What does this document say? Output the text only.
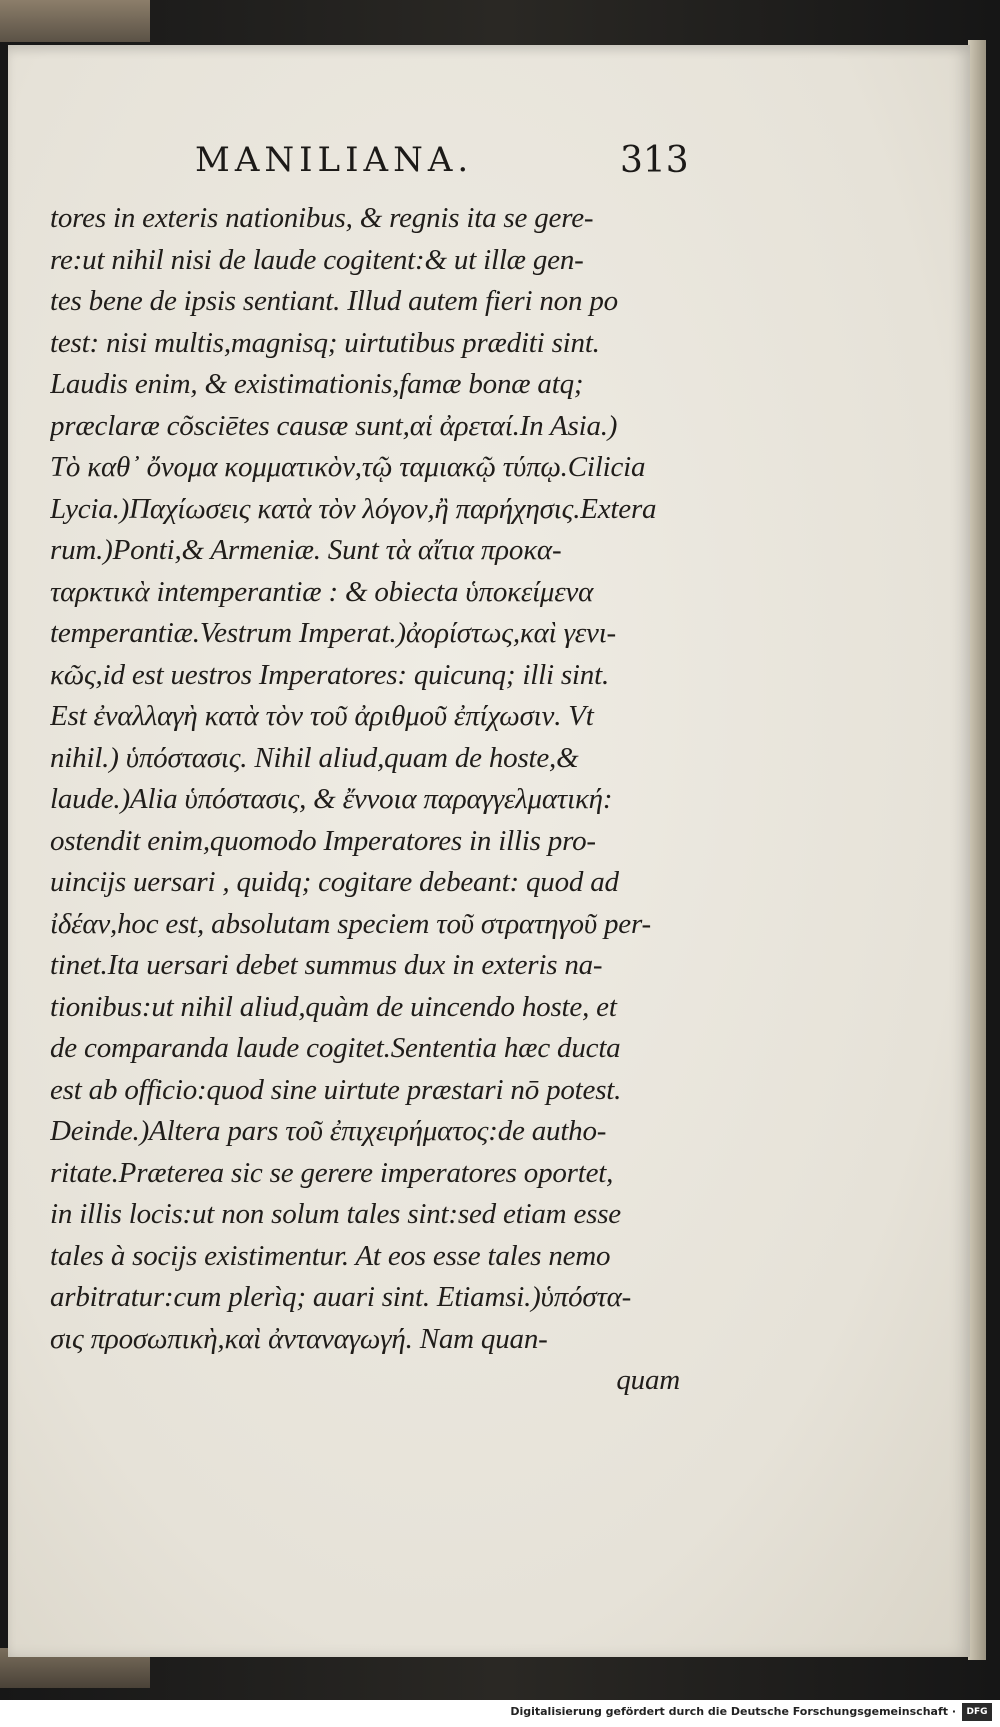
MANILIANA.	313
tores in exteris nationibus, & regnis ita se gere-
re:ut nihil nisi de laude cogitent:& ut illæ gen-
tes bene de ipsis sentiant. Illud autem fieri non po
test: nisi multis,magnisq; uirtutibus præditi sint.
Laudis enim, & existimationis,famæ bonæ atq;
præclaræ cõsciētes causæ sunt,αἱ ἀρεταί.In Asia.)
Τὸ καθ᾽ ὄνομα κομματικὸν,τῷ ταμιακῷ τύπῳ.Cilicia
Lycia.)Παχίωσεις κατὰ τὸν λόγον,ἢ παρήχησις.Extera
rum.)Ponti,& Armeniæ. Sunt τὰ αἴτια προκα-
ταρκτικὰ intemperantiæ : & obiecta ὑποκείμενα
temperantiæ.Vestrum Imperat.)ἀορίστως,καὶ γενι-
κῶς,id est uestros Imperatores: quicunq; illi sint.
Est ἐναλλαγὴ κατὰ τὸν τοῦ ἀριθμοῦ ἐπίχωσιν. Vt
nihil.) ὑπόστασις. Nihil aliud,quam de hoste,&
laude.)Alia ὑπόστασις, & ἔννοια παραγγελματική:
ostendit enim,quomodo Imperatores in illis pro-
uincijs uersari , quidq; cogitare debeant: quod ad
ἰδέαν,hoc est, absolutam speciem τοῦ στρατηγοῦ per-
tinet.Ita uersari debet summus dux in exteris na-
tionibus:ut nihil aliud,quàm de uincendo hoste, et
de comparanda laude cogitet.Sententia hæc ducta
est ab officio:quod sine uirtute præstari nō potest.
Deinde.)Altera pars τοῦ ἐπιχειρήματος:de autho-
ritate.Præterea sic se gerere imperatores oportet,
in illis locis:ut non solum tales sint:sed etiam esse
tales à socijs existimentur. At eos esse tales nemo
arbitratur:cum plerìq; auari sint. Etiamsi.)ὑπόστα-
σις προσωπικὴ,καὶ ἀνταναγωγή. Nam quan-
quam
Digitalisierung gefördert durch die Deutsche Forschungsgemeinschaft ·	DFG
